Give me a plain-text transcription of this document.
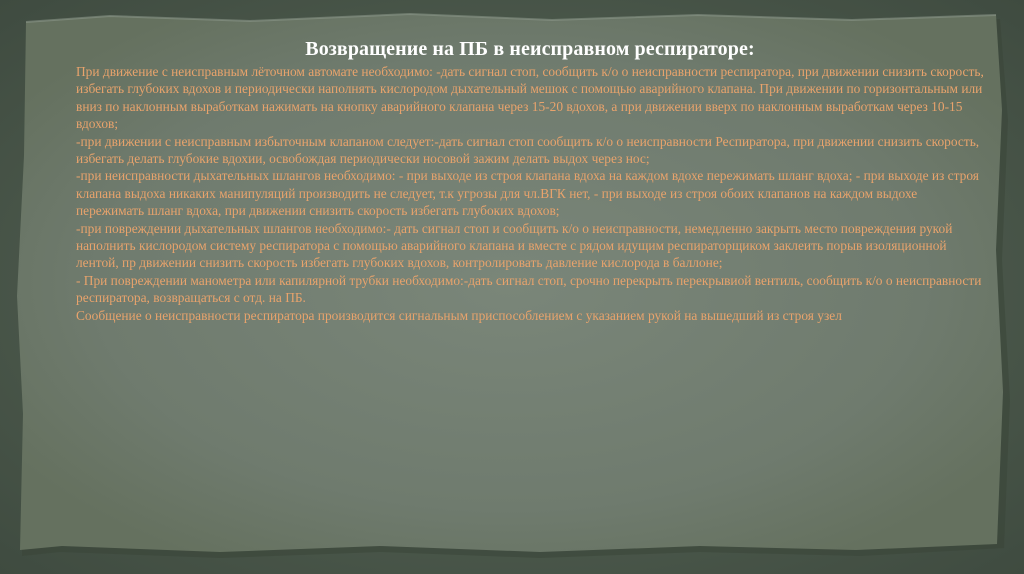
Возвращение на ПБ в неисправном респираторе:

При движение с неисправным лёточном автомате необходимо: -дать сигнал стоп, сообщить к/о о неисправности респиратора, при движении снизить скорость, избегать глубоких вдохов и периодически наполнять кислородом дыхательный мешок с помощью аварийного клапана. При движении по горизонтальным или вниз по наклонным выработкам нажимать на кнопку аварийного клапана через 15-20 вдохов, а при движении вверх по наклонным выработкам через 10-15 вдохов;

-при движении с неисправным избыточным клапаном следует:-дать сигнал стоп сообщить к/о о неисправности Респиратора, при движении снизить скорость, избегать делать глубокие вдохии, освобождая периодически носовой зажим делать выдох через нос;

-при неисправности дыхательных шлангов необходимо: - при выходе из строя клапана вдоха на каждом вдохе пережимать шланг вдоха; - при выходе из строя клапана выдоха никаких манипуляций производить не следует, т.к угрозы для чл.ВГК нет, - при выходе из строя обоих клапанов на каждом выдохе пережимать шланг вдоха, при движении снизить скорость избегать глубоких вдохов;

-при повреждении дыхательных шлангов необходимо:- дать сигнал стоп и сообщить к/о о неисправности, немедленно закрыть место повреждения рукой наполнить кислородом систему респиратора с помощью аварийного клапана и вместе с рядом идущим респираторщиком заклеить порыв изоляционной лентой, пр движении снизить скорость избегать глубоких вдохов, контролировать давление кислорода в баллоне;

- При повреждении манометра или капилярной трубки необходимо:-дать сигнал стоп, срочно перекрыть перекрывиой вентиль, сообщить к/о о неисправности респиратора, возвращаться с отд. на ПБ.

Сообщение о неисправности респиратора производится сигнальным приспособлением с указанием рукой на вышедший из строя узел
